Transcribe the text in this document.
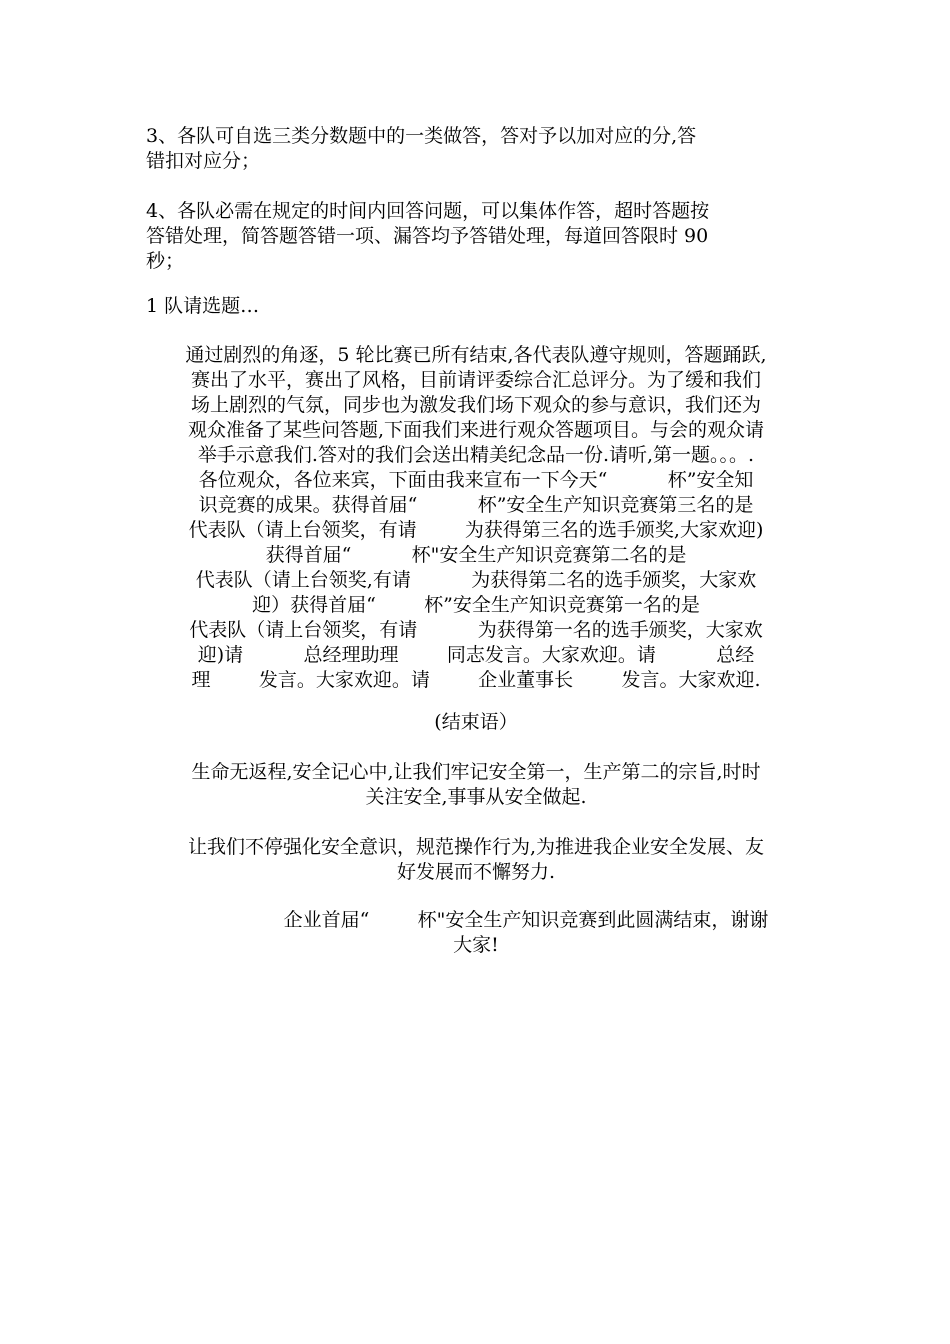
3、各队可自选三类分数题中的一类做答，答对予以加对应的分,答
错扣对应分；
4、各队必需在规定的时间内回答问题，可以集体作答，超时答题按
答错处理，简答题答错一项、漏答均予答错处理，每道回答限时 90
秒；
1 队请选题…
通过剧烈的角逐，5 轮比赛已所有结束,各代表队遵守规则，答题踊跃,
赛出了水平，赛出了风格，目前请评委综合汇总评分。为了缓和我们
场上剧烈的气氛，同步也为激发我们场下观众的参与意识，我们还为
观众准备了某些问答题,下面我们来进行观众答题项目。与会的观众请
举手示意我们.答对的我们会送出精美纪念品一份.请听,第一题。。。.
各位观众，各位来宾，下面由我来宣布一下今天“          杯”安全知
识竞赛的成果。获得首届“          杯”安全生产知识竞赛第三名的是
代表队（请上台领奖，有请        为获得第三名的选手颁奖,大家欢迎)
获得首届“          杯"安全生产知识竞赛第二名的是
代表队（请上台领奖,有请          为获得第二名的选手颁奖，大家欢
迎）获得首届“        杯”安全生产知识竞赛第一名的是
代表队（请上台领奖，有请          为获得第一名的选手颁奖，大家欢
迎)请          总经理助理        同志发言。大家欢迎。请          总经
理        发言。大家欢迎。请        企业董事长        发言。大家欢迎.
(结束语）
生命无返程,安全记心中,让我们牢记安全第一，生产第二的宗旨,时时
关注安全,事事从安全做起.
让我们不停强化安全意识，规范操作行为,为推进我企业安全发展、友
好发展而不懈努力.
企业首届“        杯"安全生产知识竞赛到此圆满结束，谢谢
大家!
